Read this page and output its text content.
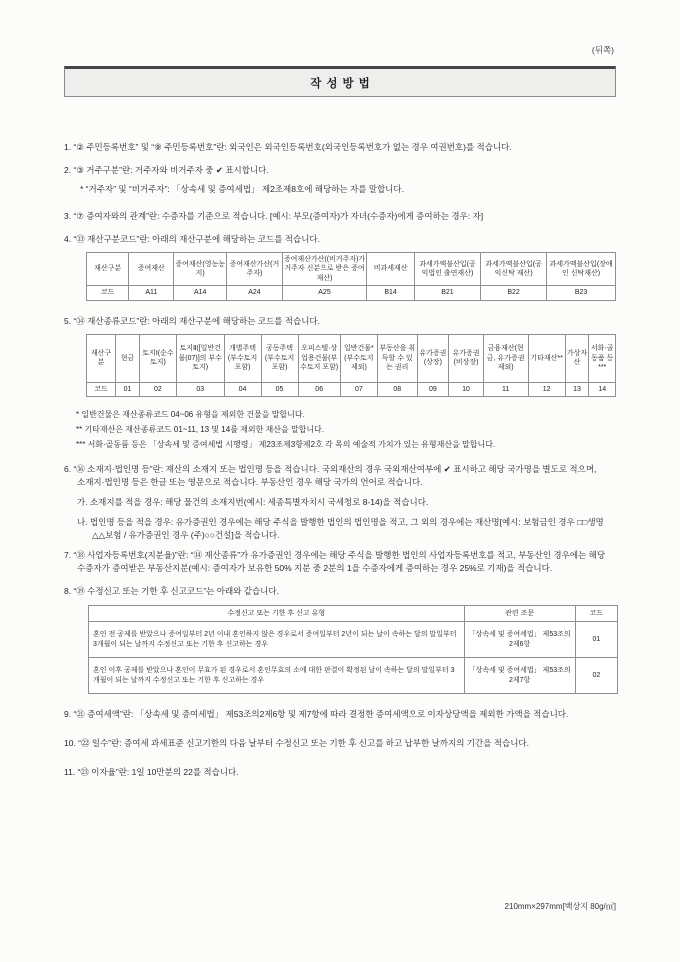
(뒤쪽)
작성방법

1. “② 주민등록번호” 및 “⑨ 주민등록번호”란: 외국인은 외국인등록번호(외국인등록번호가 없는 경우 여권번호)를 적습니다.

2. “③ 거주구분”란: 거주자와 비거주자 중 ✔ 표시합니다.

* “거주자” 및 “비거주자”: 「상속세 및 증여세법」 제2조제8호에 해당하는 자를 말합니다.

3. “⑦ 증여자와의 관계”란: 수증자를 기준으로 적습니다. [예시: 부모(증여자)가 자녀(수증자)에게 증여하는 경우: 자]

4. “⑬ 재산구분코드”란: 아래의 재산구분에 해당하는 코드를 적습니다.

재산구분	증여재산	증여재산(영농농지)	증여재산가산(거주자)	증여재산가산((비거주자)가 거주자 신분으로 받은 증여재산)	비과세재산	과세가액불산입(공익법인 출연재산)	과세가액불산입(공익신탁 재산)	과세가액불산입(장애인 신탁재산)
코드	A11	A14	A24	A25	B14	B21	B22	B23

5. “⑭ 재산종류코드”란: 아래의 재산구분에 해당하는 코드를 적습니다.

재산구분	현금	토지Ⅰ(순수토지)	토지Ⅱ([일반건물(07)]의 부수토지)	개별주택(부수토지 포함)	공동주택(부수토지 포함)	오피스텔·상업용건물(부수토지 포함)	일반건물*(부수토지 제외)	부동산을 취득할 수 있는 권리	유가증권(상장)	유가증권(비상장)	금융재산(현금, 유가증권 제외)	기타재산**	가상자산	서화·골동품 등***
코드	01	02	03	04	05	06	07	08	09	10	11	12	13	14

* 일반건물은 재산종류코드 04~06 유형을 제외한 건물을 말합니다.

** 기타재산은 재산종류코드 01~11, 13 및 14를 제외한 재산을 말합니다.

*** 서화·골동품 등은 「상속세 및 증여세법 시행령」 제23조제3항제2호 각 목의 예술적 가치가 있는 유형재산을 말합니다.

6. “⑯ 소재지·법인명 등”란: 재산의 소재지 또는 법인명 등을 적습니다. 국외재산의 경우 국외재산여부에 ✔ 표시하고 해당 국가명을 별도로 적으며, 소재지·법인명 등은 한글 또는 영문으로 적습니다. 부동산인 경우 해당 국가의 언어로 적습니다.

가. 소재지를 적을 경우: 해당 물건의 소재지번(예시: 세종특별자치시 국세청로 8-14)을 적습니다.

나. 법인명 등을 적을 경우: 유가증권인 경우에는 해당 주식을 발행한 법인의 법인명을 적고, 그 외의 경우에는 재산명[예시: 보험금인 경우 □□생명 △△보험 / 유가증권인 경우 (주)○○건설]을 적습니다.

7. “⑱ 사업자등록번호(지분율)”란: “⑭ 재산종류”가 유가증권인 경우에는 해당 주식을 발행한 법인의 사업자등록번호를 적고, 부동산인 경우에는 해당 수증자가 증여받은 부동산지분(예시: 증여자가 보유한 50% 지분 중 2분의 1을 수증자에게 증여하는 경우 25%로 기재)을 적습니다.

8. “⑲ 수정신고 또는 기한 후 신고코드”는 아래와 같습니다.

수정신고 또는 기한 후 신고 유형	관련 조문	코드
혼인 전 공제를 받았으나 증여일부터 2년 이내 혼인하지 않은 경우로서 증여일부터 2년이 되는 날이 속하는 달의 말일부터 3개월이 되는 날까지 수정신고 또는 기한 후 신고하는 경우	「상속세 및 증여세법」 제53조의2제6항	01
혼인 이후 공제를 받았으나 혼인이 무효가 된 경우로서 혼인무효의 소에 대한 판결이 확정된 날이 속하는 달의 말일부터 3개월이 되는 날까지 수정신고 또는 기한 후 신고하는 경우	「상속세 및 증여세법」 제53조의2제7항	02

9. “㉑ 증여세액”란: 「상속세 및 증여세법」 제53조의2제6항 및 제7항에 따라 결정한 증여세액으로 이자상당액을 제외한 가액을 적습니다.

10. “㉒ 일수”란: 증여세 과세표준 신고기한의 다음 날부터 수정신고 또는 기한 후 신고를 하고 납부한 날까지의 기간을 적습니다.

11. “㉓ 이자율”란: 1일 10만분의 22를 적습니다.

210mm×297mm[백상지 80g/㎡]
